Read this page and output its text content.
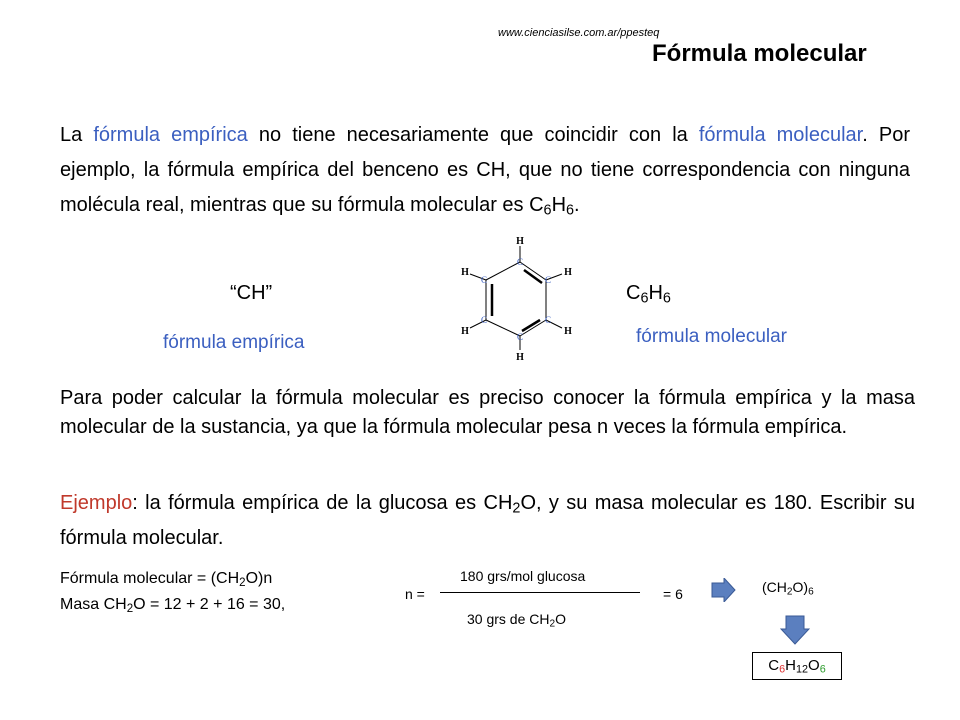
www.cienciasilse.com.ar/ppesteq
Fórmula molecular
La fórmula empírica no tiene necesariamente que coincidir con la fórmula molecular. Por ejemplo, la fórmula empírica del benceno es CH, que no tiene correspondencia con ninguna molécula real, mientras que su fórmula molecular es $C_6H_6$.
“CH”
fórmula empírica
$C_6H_6$
fórmula molecular
C
C
C
C
C
C
H
H
H
H
H
H
Para poder calcular la fórmula molecular es preciso conocer la fórmula empírica y la masa molecular de la sustancia, ya que la fórmula molecular pesa n veces la fórmula empírica.
Ejemplo: la fórmula empírica de la glucosa es $CH_2O$, y su masa molecular es 180. Escribir su fórmula molecular.
Fórmula molecular = $(CH_2O)n$
Masa $CH_2O = 12 + 2 + 16 = 30$,
n =
180 grs/mol glucosa
30 grs de $CH_2O$
= 6	$(CH_2O)_6$
$C_6H_{12}O_6$
